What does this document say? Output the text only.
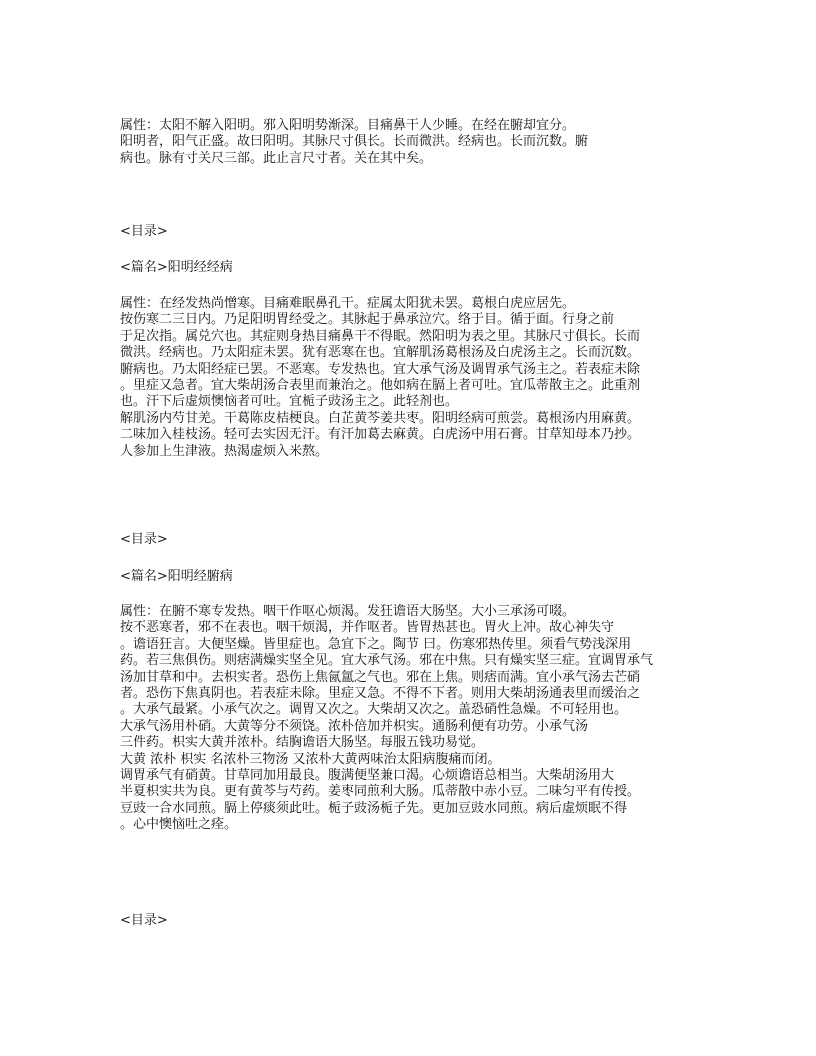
属性：太阳不解入阳明。邪入阳明势渐深。目痛鼻干人少睡。在经在腑却宜分。
阳明者，阳气正盛。故曰阳明。其脉尺寸俱长。长而微洪。经病也。长而沉数。腑
病也。脉有寸关尺三部。此止言尺寸者。关在其中矣。
<目录>
<篇名>阳明经经病
属性：在经发热尚憎寒。目痛难眠鼻孔干。症属太阳犹未罢。葛根白虎应居先。
按伤寒二三日内。乃足阳明胃经受之。其脉起于鼻承泣穴。络于目。循于面。行身之前
于足次指。属兑穴也。其症则身热目痛鼻干不得眠。然阳明为表之里。其脉尺寸俱长。长而
微洪。经病也。乃太阳症未罢。犹有恶寒在也。宜解肌汤葛根汤及白虎汤主之。长而沉数。
腑病也。乃太阳经症已罢。不恶寒。专发热也。宜大承气汤及调胃承气汤主之。若表症未除
。里症又急者。宜大柴胡汤合表里而兼治之。他如病在膈上者可吐。宜瓜蒂散主之。此重剂
也。汗下后虚烦懊恼者可吐。宜栀子豉汤主之。此轻剂也。
解肌汤内芍甘羌。干葛陈皮桔梗良。白芷黄芩姜共枣。阳明经病可煎尝。葛根汤内用麻黄。
二味加入桂枝汤。轻可去实因无汗。有汗加葛去麻黄。白虎汤中用石膏。甘草知母本乃抄。
人参加上生津液。热渴虚烦入米熬。
<目录>
<篇名>阳明经腑病
属性：在腑不寒专发热。咽干作呕心烦渴。发狂谵语大肠坚。大小三承汤可啜。
按不恶寒者，邪不在表也。咽干烦渴，并作呕者。皆胃热甚也。胃火上冲。故心神失守
。谵语狂言。大便坚燥。皆里症也。急宜下之。陶节 曰。伤寒邪热传里。须看气势浅深用
药。若三焦俱伤。则痞满燥实坚全见。宜大承气汤。邪在中焦。只有燥实坚三症。宜调胃承气
汤加甘草和中。去枳实者。恐伤上焦氤氲之气也。邪在上焦。则痞而满。宜小承气汤去芒硝
者。恐伤下焦真阴也。若表症未除。里症又急。不得不下者。则用大柴胡汤通表里而缓治之
。大承气最紧。小承气次之。调胃又次之。大柴胡又次之。盖恐硝性急燥。不可轻用也。
大承气汤用朴硝。大黄等分不须饶。浓朴倍加并枳实。通肠利便有功劳。小承气汤
三件药。枳实大黄并浓朴。结胸谵语大肠坚。每服五钱功易觉。
大黄 浓朴 枳实 名浓朴三物汤 又浓朴大黄两味治太阳病腹痛而闭。
调胃承气有硝黄。甘草同加用最良。腹满便坚兼口渴。心烦谵语总相当。大柴胡汤用大
半夏枳实共为良。更有黄芩与芍药。姜枣同煎利大肠。瓜蒂散中赤小豆。二味匀平有传授。
豆豉一合水同煎。膈上停痰须此吐。栀子豉汤栀子先。更加豆豉水同煎。病后虚烦眠不得
。心中懊恼吐之痊。
<目录>
